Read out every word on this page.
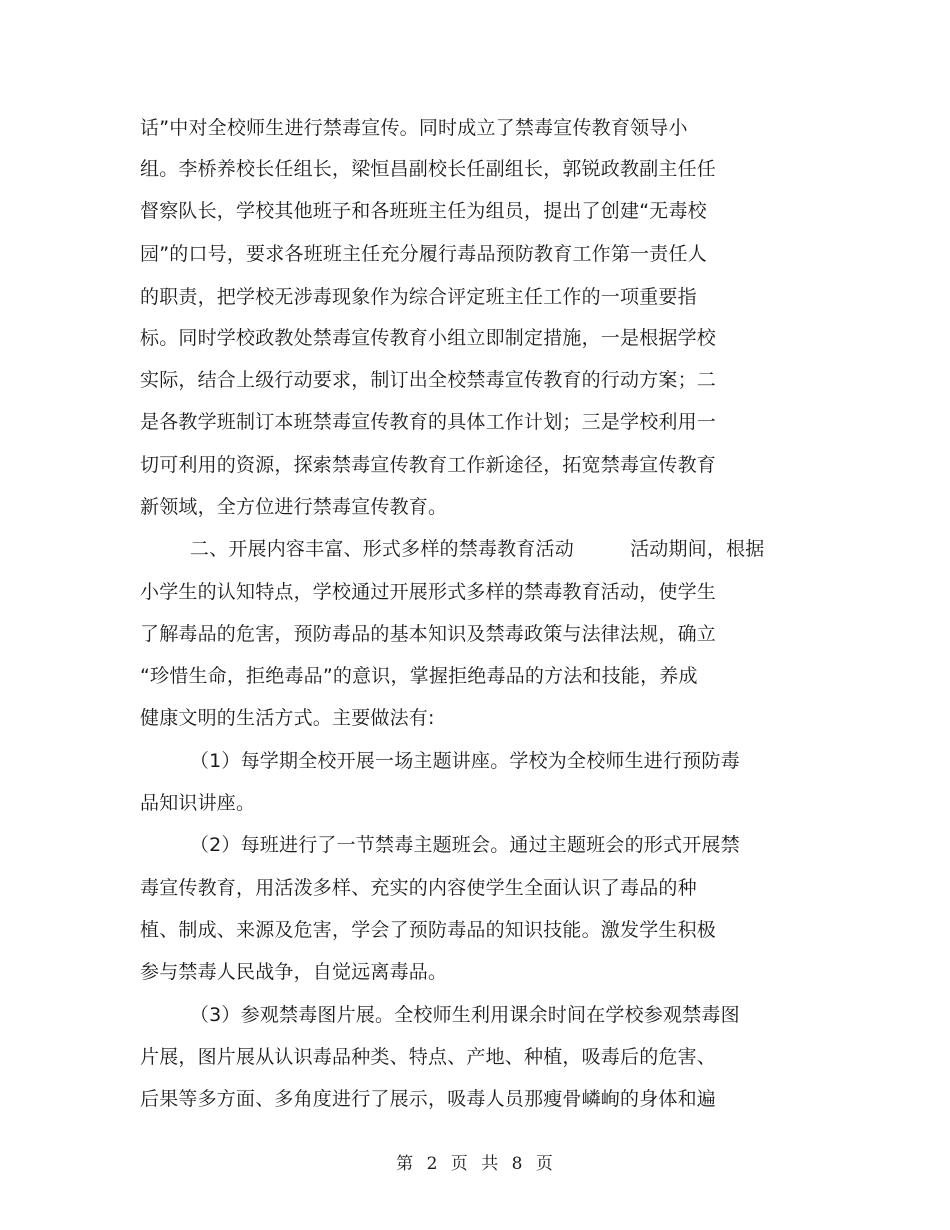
话”中对全校师生进行禁毒宣传。同时成立了禁毒宣传教育领导小
组。李桥养校长任组长，梁恒昌副校长任副组长，郭锐政教副主任任
督察队长，学校其他班子和各班班主任为组员，提出了创建“无毒校
园”的口号，要求各班班主任充分履行毒品预防教育工作第一责任人
的职责，把学校无涉毒现象作为综合评定班主任工作的一项重要指
标。同时学校政教处禁毒宣传教育小组立即制定措施，一是根据学校
实际，结合上级行动要求，制订出全校禁毒宣传教育的行动方案；二
是各教学班制订本班禁毒宣传教育的具体工作计划；三是学校利用一
切可利用的资源，探索禁毒宣传教育工作新途径，拓宽禁毒宣传教育
新领域，全方位进行禁毒宣传教育。
二、开展内容丰富、形式多样的禁毒教育活动         活动期间，根据
小学生的认知特点，学校通过开展形式多样的禁毒教育活动，使学生
了解毒品的危害，预防毒品的基本知识及禁毒政策与法律法规，确立
“珍惜生命，拒绝毒品”的意识，掌握拒绝毒品的方法和技能，养成
健康文明的生活方式。主要做法有:
（1）每学期全校开展一场主题讲座。学校为全校师生进行预防毒
品知识讲座。
（2）每班进行了一节禁毒主题班会。通过主题班会的形式开展禁
毒宣传教育，用活泼多样、充实的内容使学生全面认识了毒品的种
植、制成、来源及危害，学会了预防毒品的知识技能。激发学生积极
参与禁毒人民战争，自觉远离毒品。
（3）参观禁毒图片展。全校师生利用课余时间在学校参观禁毒图
片展，图片展从认识毒品种类、特点、产地、种植，吸毒后的危害、
后果等多方面、多角度进行了展示，吸毒人员那瘦骨嶙峋的身体和遍
第 2 页 共 8 页
